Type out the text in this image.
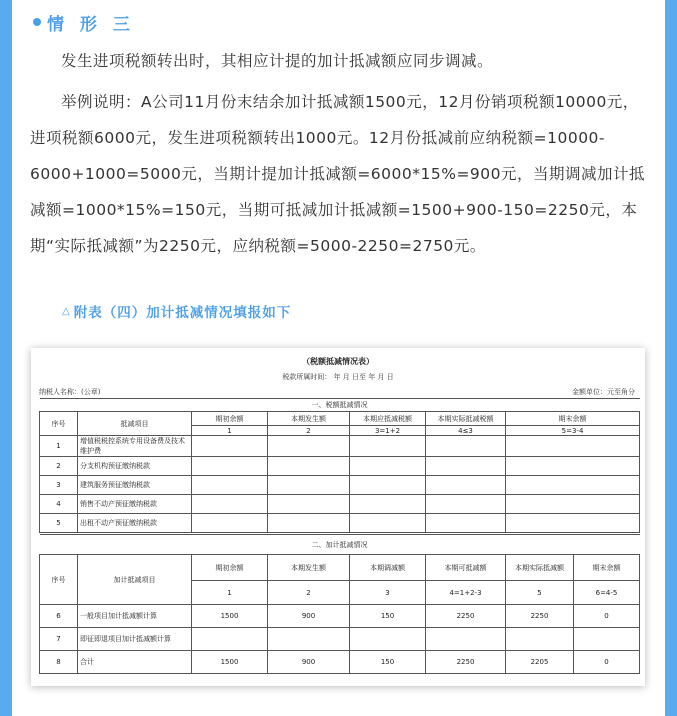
情 形 三
发生进项税额转出时，其相应计提的加计抵减额应同步调减。
举例说明：A公司11月份末结余加计抵减额1500元，12月份销项税额10000元，进项税额6000元，发生进项税额转出1000元。12月份抵减前应纳税额=10000-6000+1000=5000元，当期计提加计抵减额=6000*15%=900元，当期调减加计抵减额=1000*15%=150元，当期可抵减加计抵减额=1500+900-150=2250元，本期“实际抵减额”为2250元，应纳税额=5000-2250=2750元。
△ 附表（四）加计抵减情况填报如下
（税额抵减情况表）
税款所属时间： 年 月 日至 年 月 日
纳税人名称：(公章)	金额单位：元至角分
一、税额抵减情况						
序号	抵减项目	期初余额	本期发生额	本期应抵减税额	本期实际抵减税额	期末余额
		1	2	3=1+2	4≤3	5=3-4
1	增值税税控系统专用设备费及技术维护费					
2	分支机构预征缴纳税款					
3	建筑服务预征缴纳税款					
4	销售不动产预征缴纳税款					
5	出租不动产预征缴纳税款					
二、加计抵减情况							
序号	加计抵减项目	期初余额	本期发生额	本期调减额	本期可抵减额	本期实际抵减额	期末余额
		1	2	3	4=1+2-3	5	6=4-5
6	一般项目加计抵减额计算	1500	900	150	2250	2250	0
7	即征即退项目加计抵减额计算						
8	合计	1500	900	150	2250	2205	0
